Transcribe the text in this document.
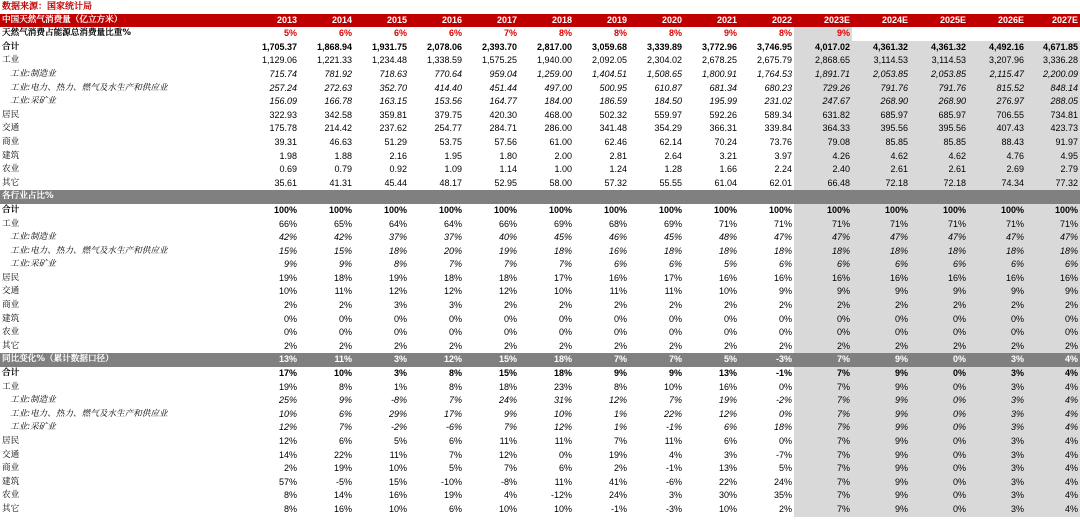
数据来源：国家统计局															
中国天然气消费量（亿立方米）	2013	2014	2015	2016	2017	2018	2019	2020	2021	2022	2023E	2024E	2025E	2026E	2027E
天然气消费占能源总消费量比重%	5%	6%	6%	6%	7%	8%	8%	8%	9%	8%	9%				
合计	1,705.37	1,868.94	1,931.75	2,078.06	2,393.70	2,817.00	3,059.68	3,339.89	3,772.96	3,746.95	4,017.02	4,361.32	4,361.32	4,492.16	4,671.85
工业	1,129.06	1,221.33	1,234.48	1,338.59	1,575.25	1,940.00	2,092.05	2,304.02	2,678.25	2,675.79	2,868.65	3,114.53	3,114.53	3,207.96	3,336.28
工业:制造业	715.74	781.92	718.63	770.64	959.04	1,259.00	1,404.51	1,508.65	1,800.91	1,764.53	1,891.71	2,053.85	2,053.85	2,115.47	2,200.09
工业:电力、热力、燃气及水生产和供应业	257.24	272.63	352.70	414.40	451.44	497.00	500.95	610.87	681.34	680.23	729.26	791.76	791.76	815.52	848.14
工业:采矿业	156.09	166.78	163.15	153.56	164.77	184.00	186.59	184.50	195.99	231.02	247.67	268.90	268.90	276.97	288.05
居民	322.93	342.58	359.81	379.75	420.30	468.00	502.32	559.97	592.26	589.34	631.82	685.97	685.97	706.55	734.81
交通	175.78	214.42	237.62	254.77	284.71	286.00	341.48	354.29	366.31	339.84	364.33	395.56	395.56	407.43	423.73
商业	39.31	46.63	51.29	53.75	57.56	61.00	62.46	62.14	70.24	73.76	79.08	85.85	85.85	88.43	91.97
建筑	1.98	1.88	2.16	1.95	1.80	2.00	2.81	2.64	3.21	3.97	4.26	4.62	4.62	4.76	4.95
农业	0.69	0.79	0.92	1.09	1.14	1.00	1.24	1.28	1.66	2.24	2.40	2.61	2.61	2.69	2.79
其它	35.61	41.31	45.44	48.17	52.95	58.00	57.32	55.55	61.04	62.01	66.48	72.18	72.18	74.34	77.32
各行业占比%															
合计	100%	100%	100%	100%	100%	100%	100%	100%	100%	100%	100%	100%	100%	100%	100%
工业	66%	65%	64%	64%	66%	69%	68%	69%	71%	71%	71%	71%	71%	71%	71%
工业:制造业	42%	42%	37%	37%	40%	45%	46%	45%	48%	47%	47%	47%	47%	47%	47%
工业:电力、热力、燃气及水生产和供应业	15%	15%	18%	20%	19%	18%	16%	18%	18%	18%	18%	18%	18%	18%	18%
工业:采矿业	9%	9%	8%	7%	7%	7%	6%	6%	5%	6%	6%	6%	6%	6%	6%
居民	19%	18%	19%	18%	18%	17%	16%	17%	16%	16%	16%	16%	16%	16%	16%
交通	10%	11%	12%	12%	12%	10%	11%	11%	10%	9%	9%	9%	9%	9%	9%
商业	2%	2%	3%	3%	2%	2%	2%	2%	2%	2%	2%	2%	2%	2%	2%
建筑	0%	0%	0%	0%	0%	0%	0%	0%	0%	0%	0%	0%	0%	0%	0%
农业	0%	0%	0%	0%	0%	0%	0%	0%	0%	0%	0%	0%	0%	0%	0%
其它	2%	2%	2%	2%	2%	2%	2%	2%	2%	2%	2%	2%	2%	2%	2%
同比变化%（累计数据口径）	13%	11%	3%	12%	15%	18%	7%	7%	5%	-3%	7%	9%	0%	3%	4%
合计	17%	10%	3%	8%	15%	18%	9%	9%	13%	-1%	7%	9%	0%	3%	4%
工业	19%	8%	1%	8%	18%	23%	8%	10%	16%	0%	7%	9%	0%	3%	4%
工业:制造业	25%	9%	-8%	7%	24%	31%	12%	7%	19%	-2%	7%	9%	0%	3%	4%
工业:电力、热力、燃气及水生产和供应业	10%	6%	29%	17%	9%	10%	1%	22%	12%	0%	7%	9%	0%	3%	4%
工业:采矿业	12%	7%	-2%	-6%	7%	12%	1%	-1%	6%	18%	7%	9%	0%	3%	4%
居民	12%	6%	5%	6%	11%	11%	7%	11%	6%	0%	7%	9%	0%	3%	4%
交通	14%	22%	11%	7%	12%	0%	19%	4%	3%	-7%	7%	9%	0%	3%	4%
商业	2%	19%	10%	5%	7%	6%	2%	-1%	13%	5%	7%	9%	0%	3%	4%
建筑	57%	-5%	15%	-10%	-8%	11%	41%	-6%	22%	24%	7%	9%	0%	3%	4%
农业	8%	14%	16%	19%	4%	-12%	24%	3%	30%	35%	7%	9%	0%	3%	4%
其它	8%	16%	10%	6%	10%	10%	-1%	-3%	10%	2%	7%	9%	0%	3%	4%
